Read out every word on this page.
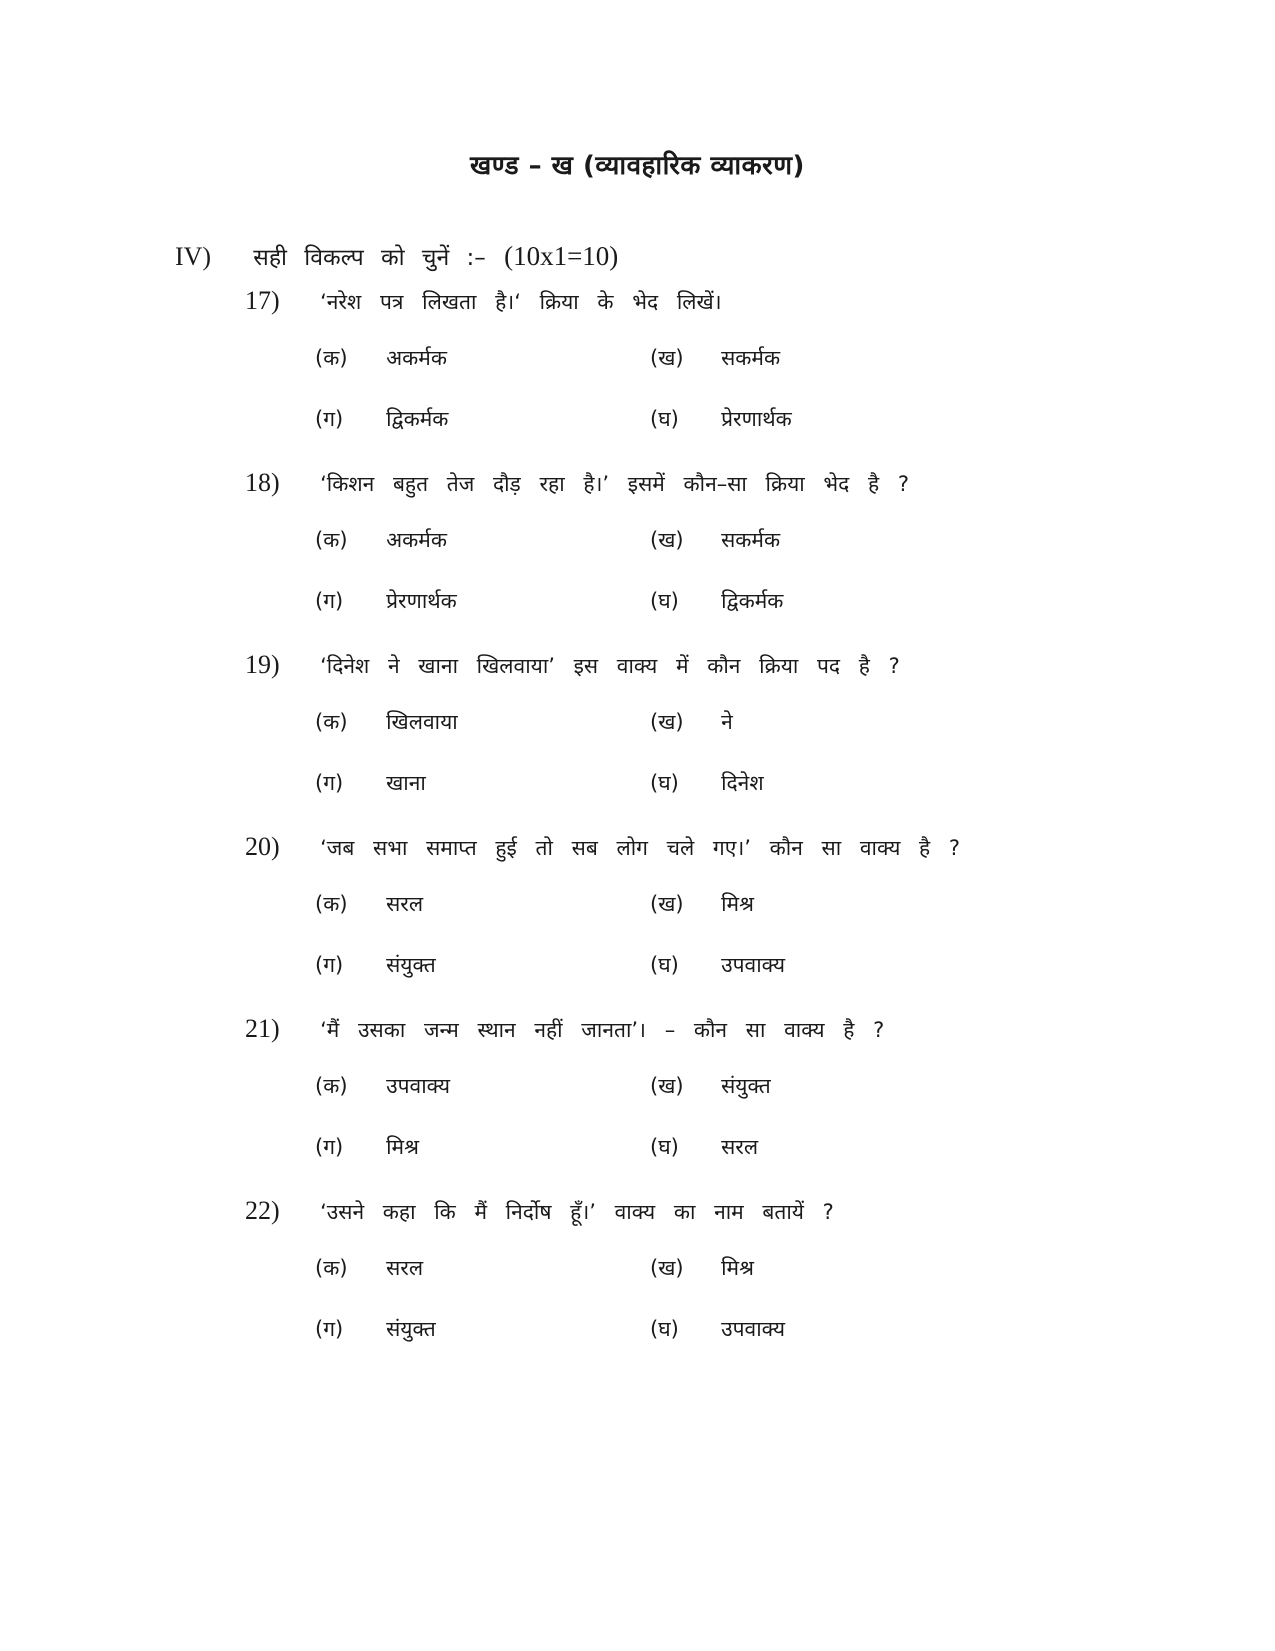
खण्ड – ख (व्यावहारिक व्याकरण)
IV) सही विकल्प को चुनें :– (10x1=10)
17) ‘नरेश पत्र लिखता है।‘ क्रिया के भेद लिखें।
(क) अकर्मक	(ख) सकर्मक
(ग) द्विकर्मक	(घ) प्रेरणार्थक
18) ‘किशन बहुत तेज दौड़ रहा है।’ इसमें कौन–सा क्रिया भेद है ?
(क) अकर्मक	(ख) सकर्मक
(ग) प्रेरणार्थक	(घ) द्विकर्मक
19) ‘दिनेश ने खाना खिलवाया’ इस वाक्य में कौन क्रिया पद है ?
(क) खिलवाया	(ख) ने
(ग) खाना	(घ) दिनेश
20) ‘जब सभा समाप्त हुई तो सब लोग चले गए।’ कौन सा वाक्य है ?
(क) सरल	(ख) मिश्र
(ग) संयुक्त	(घ) उपवाक्य
21) ‘मैं उसका जन्म स्थान नहीं जानता’। – कौन सा वाक्य है ?
(क) उपवाक्य	(ख) संयुक्त
(ग) मिश्र	(घ) सरल
22) ‘उसने कहा कि मैं निर्दोष हूँ।’ वाक्य का नाम बतायें ?
(क) सरल	(ख) मिश्र
(ग) संयुक्त	(घ) उपवाक्य
